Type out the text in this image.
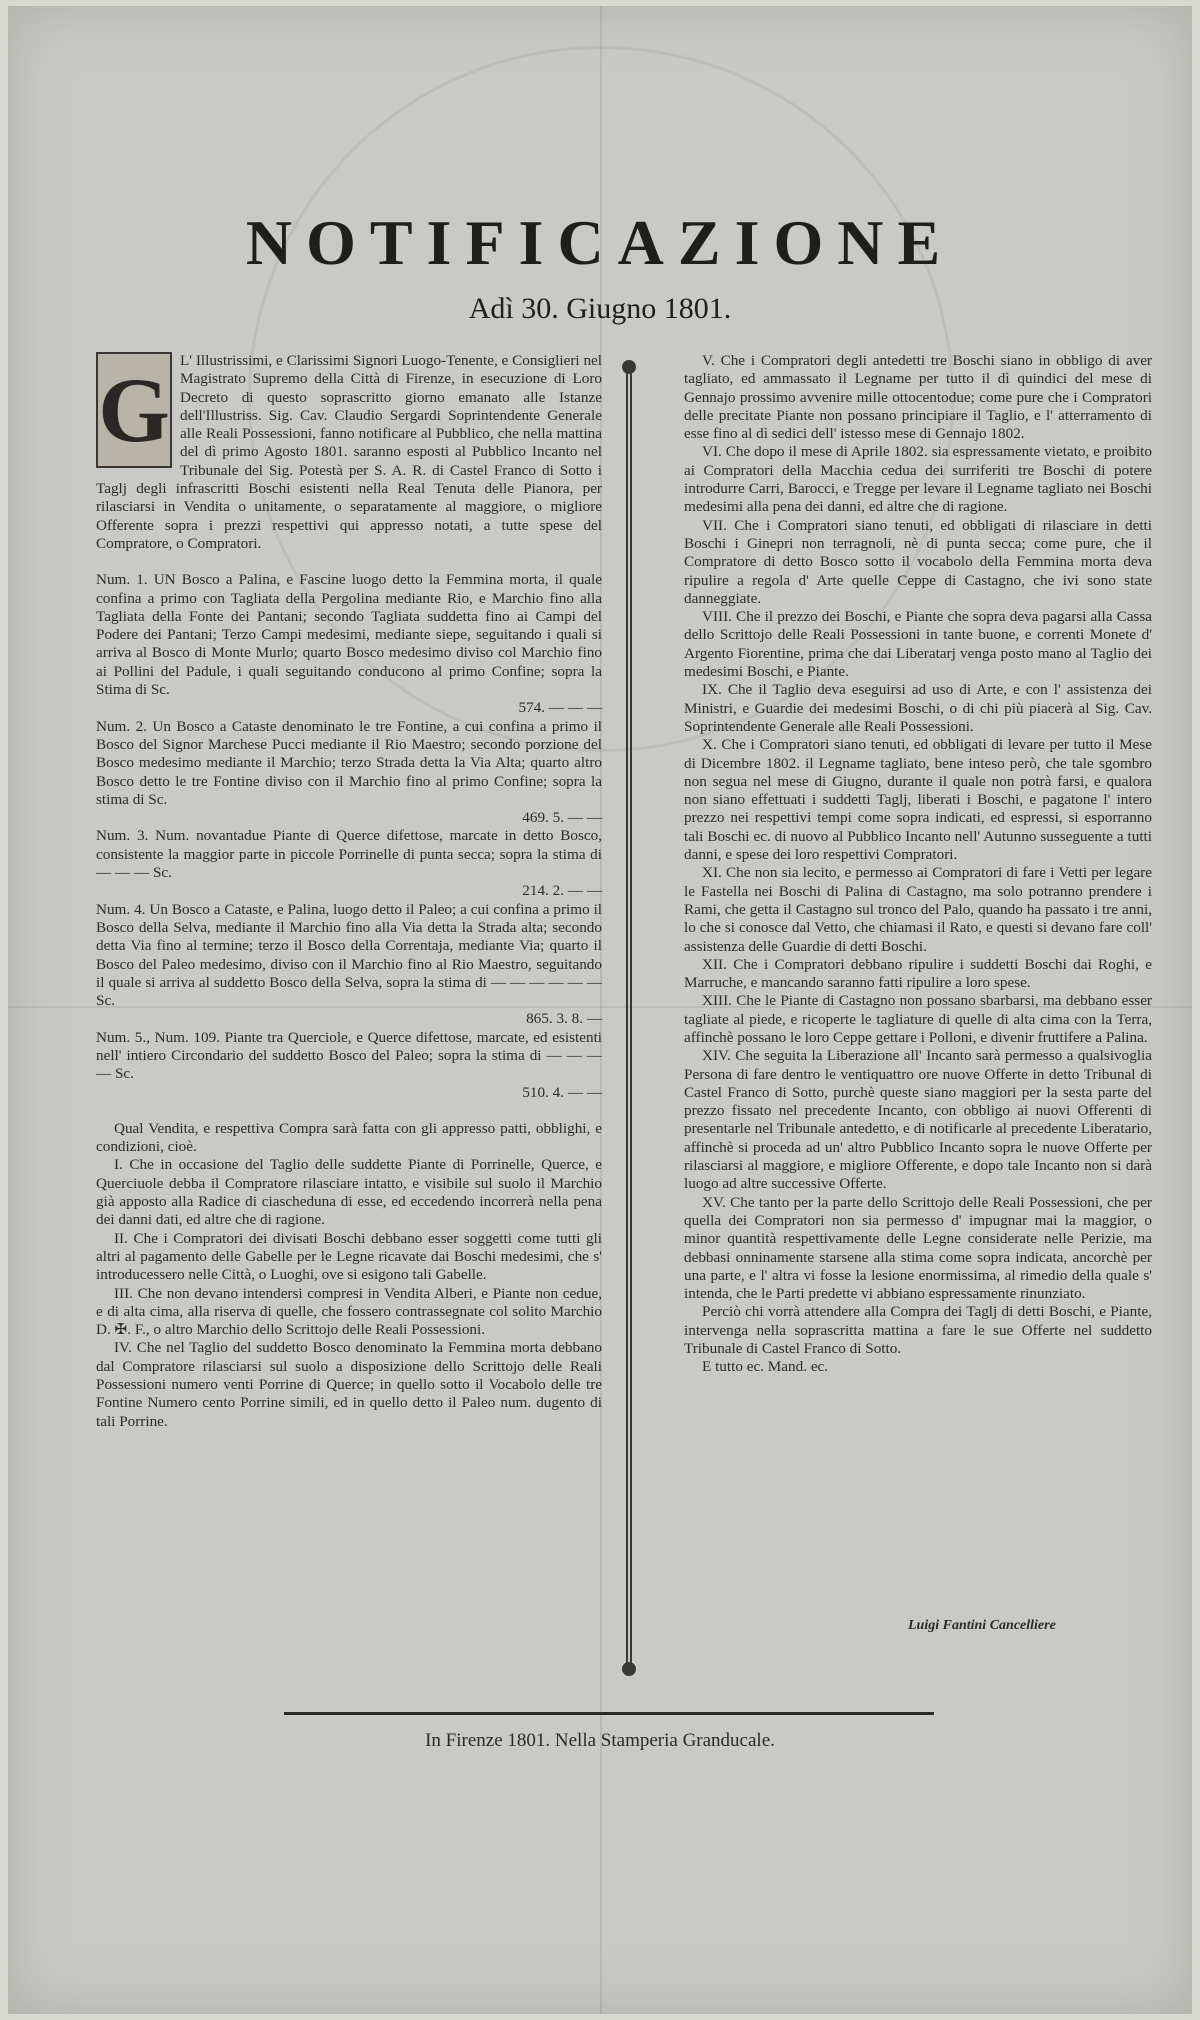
NOTIFICAZIONE
Adì 30. Giugno 1801.
G L' Illustrissimi, e Clarissimi Signori Luogo-Tenente, e Consiglieri nel Magistrato Supremo della Città di Firenze, in esecuzione di Loro Decreto di questo soprascritto giorno emanato alle Istanze dell'Illustriss. Sig. Cav. Claudio Sergardi Soprintendente Generale alle Reali Possessioni, fanno notificare al Pubblico, che nella mattina del dì primo Agosto 1801. saranno esposti al Pubblico Incanto nel Tribunale del Sig. Potestà per S. A. R. di Castel Franco di Sotto i Taglj degli infrascritti Boschi esistenti nella Real Tenuta delle Pianora, per rilasciarsi in Vendita o unitamente, o separatamente al maggiore, o migliore Offerente sopra i prezzi respettivi qui appresso notati, a tutte spese del Compratore, o Compratori.

Num. 1. UN Bosco a Palina, e Fascine luogo detto la Femmina morta, il quale confina a primo con Tagliata della Pergolina mediante Rio, e Marchio fino alla Tagliata della Fonte dei Pantani; secondo Tagliata suddetta fino ai Campi del Podere dei Pantani; Terzo Campi medesimi, mediante siepe, seguitando i quali si arriva al Bosco di Monte Murlo; quarto Bosco medesimo diviso col Marchio fino ai Pollini del Padule, i quali seguitando conducono al primo Confine; sopra la Stima di Sc.
574. — — —
Num. 2. Un Bosco a Cataste denominato le tre Fontine, a cui confina a primo il Bosco del Signor Marchese Pucci mediante il Rio Maestro; secondo porzione del Bosco medesimo mediante il Marchio; terzo Strada detta la Via Alta; quarto altro Bosco detto le tre Fontine diviso con il Marchio fino al primo Confine; sopra la stima di Sc.
469. 5. — —
Num. 3. Num. novantadue Piante di Querce difettose, marcate in detto Bosco, consistente la maggior parte in piccole Porrinelle di punta secca; sopra la stima di — — — Sc.
214. 2. — —
Num. 4. Un Bosco a Cataste, e Palina, luogo detto il Paleo; a cui confina a primo il Bosco della Selva, mediante il Marchio fino alla Via detta la Strada alta; secondo detta Via fino al termine; terzo il Bosco della Correntaja, mediante Via; quarto il Bosco del Paleo medesimo, diviso con il Marchio fino al Rio Maestro, seguitando il quale si arriva al suddetto Bosco della Selva, sopra la stima di — — — — — — Sc.
865. 3. 8. —
Num. 5., Num. 109. Piante tra Querciole, e Querce difettose, marcate, ed esistenti nell' intiero Circondario del suddetto Bosco del Paleo; sopra la stima di — — — — Sc.
510. 4. — —

Qual Vendita, e respettiva Compra sarà fatta con gli appresso patti, obblighi, e condizioni, cioè.

I. Che in occasione del Taglio delle suddette Piante di Porrinelle, Querce, e Querciuole debba il Compratore rilasciare intatto, e visibile sul suolo il Marchio già apposto alla Radice di ciascheduna di esse, ed eccedendo incorrerà nella pena dei danni dati, ed altre che di ragione.

II. Che i Compratori dei divisati Boschi debbano esser soggetti come tutti gli altri al pagamento delle Gabelle per le Legne ricavate dai Boschi medesimi, che s' introducessero nelle Città, o Luoghi, ove si esigono tali Gabelle.

III. Che non devano intendersi compresi in Vendita Alberi, e Piante non cedue, e di alta cima, alla riserva di quelle, che fossero contrassegnate col solito Marchio D. ✠. F., o altro Marchio dello Scrittojo delle Reali Possessioni.

IV. Che nel Taglio del suddetto Bosco denominato la Femmina morta debbano dal Compratore rilasciarsi sul suolo a disposizione dello Scrittojo delle Reali Possessioni numero venti Porrine di Querce; in quello sotto il Vocabolo delle tre Fontine Numero cento Porrine simili, ed in quello detto il Paleo num. dugento di tali Porrine.

V. Che i Compratori degli antedetti tre Boschi siano in obbligo di aver tagliato, ed ammassato il Legname per tutto il dì quindici del mese di Gennajo prossimo avvenire mille ottocentodue; come pure che i Compratori delle precitate Piante non possano principiare il Taglio, e l' atterramento di esse fino al dì sedici dell' istesso mese di Gennajo 1802.

VI. Che dopo il mese di Aprile 1802. sia espressamente vietato, e proibito ai Compratori della Macchia cedua dei surriferiti tre Boschi di potere introdurre Carri, Barocci, e Tregge per levare il Legname tagliato nei Boschi medesimi alla pena dei danni, ed altre che di ragione.

VII. Che i Compratori siano tenuti, ed obbligati di rilasciare in detti Boschi i Ginepri non terragnoli, nè di punta secca; come pure, che il Compratore di detto Bosco sotto il vocabolo della Femmina morta deva ripulire a regola d' Arte quelle Ceppe di Castagno, che ivi sono state danneggiate.

VIII. Che il prezzo dei Boschi, e Piante che sopra deva pagarsi alla Cassa dello Scrittojo delle Reali Possessioni in tante buone, e correnti Monete d' Argento Fiorentine, prima che dai Liberatarj venga posto mano al Taglio dei medesimi Boschi, e Piante.

IX. Che il Taglio deva eseguirsi ad uso di Arte, e con l' assistenza dei Ministri, e Guardie dei medesimi Boschi, o di chi più piacerà al Sig. Cav. Soprintendente Generale alle Reali Possessioni.

X. Che i Compratori siano tenuti, ed obbligati di levare per tutto il Mese di Dicembre 1802. il Legname tagliato, bene inteso però, che tale sgombro non segua nel mese di Giugno, durante il quale non potrà farsi, e qualora non siano effettuati i suddetti Taglj, liberati i Boschi, e pagatone l' intero prezzo nei respettivi tempi come sopra indicati, ed espressi, si esporranno tali Boschi ec. di nuovo al Pubblico Incanto nell' Autunno susseguente a tutti danni, e spese dei loro respettivi Compratori.

XI. Che non sia lecito, e permesso ai Compratori di fare i Vetti per legare le Fastella nei Boschi di Palina di Castagno, ma solo potranno prendere i Rami, che getta il Castagno sul tronco del Palo, quando ha passato i tre anni, lo che si conosce dal Vetto, che chiamasi il Rato, e questi si devano fare coll' assistenza delle Guardie di detti Boschi.

XII. Che i Compratori debbano ripulire i suddetti Boschi dai Roghi, e Marruche, e mancando saranno fatti ripulire a loro spese.

XIII. Che le Piante di Castagno non possano sbarbarsi, ma debbano esser tagliate al piede, e ricoperte le tagliature di quelle di alta cima con la Terra, affinchè possano le loro Ceppe gettare i Polloni, e divenir fruttifere a Palina.

XIV. Che seguita la Liberazione all' Incanto sarà permesso a qualsivoglia Persona di fare dentro le ventiquattro ore nuove Offerte in detto Tribunal di Castel Franco di Sotto, purchè queste siano maggiori per la sesta parte del prezzo fissato nel precedente Incanto, con obbligo ai nuovi Offerenti di presentarle nel Tribunale antedetto, e di notificarle al precedente Liberatario, affinchè si proceda ad un' altro Pubblico Incanto sopra le nuove Offerte per rilasciarsi al maggiore, e migliore Offerente, e dopo tale Incanto non si darà luogo ad altre successive Offerte.

XV. Che tanto per la parte dello Scrittojo delle Reali Possessioni, che per quella dei Compratori non sia permesso d' impugnar mai la maggior, o minor quantità respettivamente delle Legne considerate nelle Perizie, ma debbasi onninamente starsene alla stima come sopra indicata, ancorchè per una parte, e l' altra vi fosse la lesione enormissima, al rimedio della quale s' intenda, che le Parti predette vi abbiano espressamente rinunziato.

Perciò chi vorrà attendere alla Compra dei Taglj di detti Boschi, e Piante, intervenga nella soprascritta mattina a fare le sue Offerte nel suddetto Tribunale di Castel Franco di Sotto.

E tutto ec. Mand. ec.

Luigi Fantini Cancelliere
In Firenze 1801. Nella Stamperia Granducale.
